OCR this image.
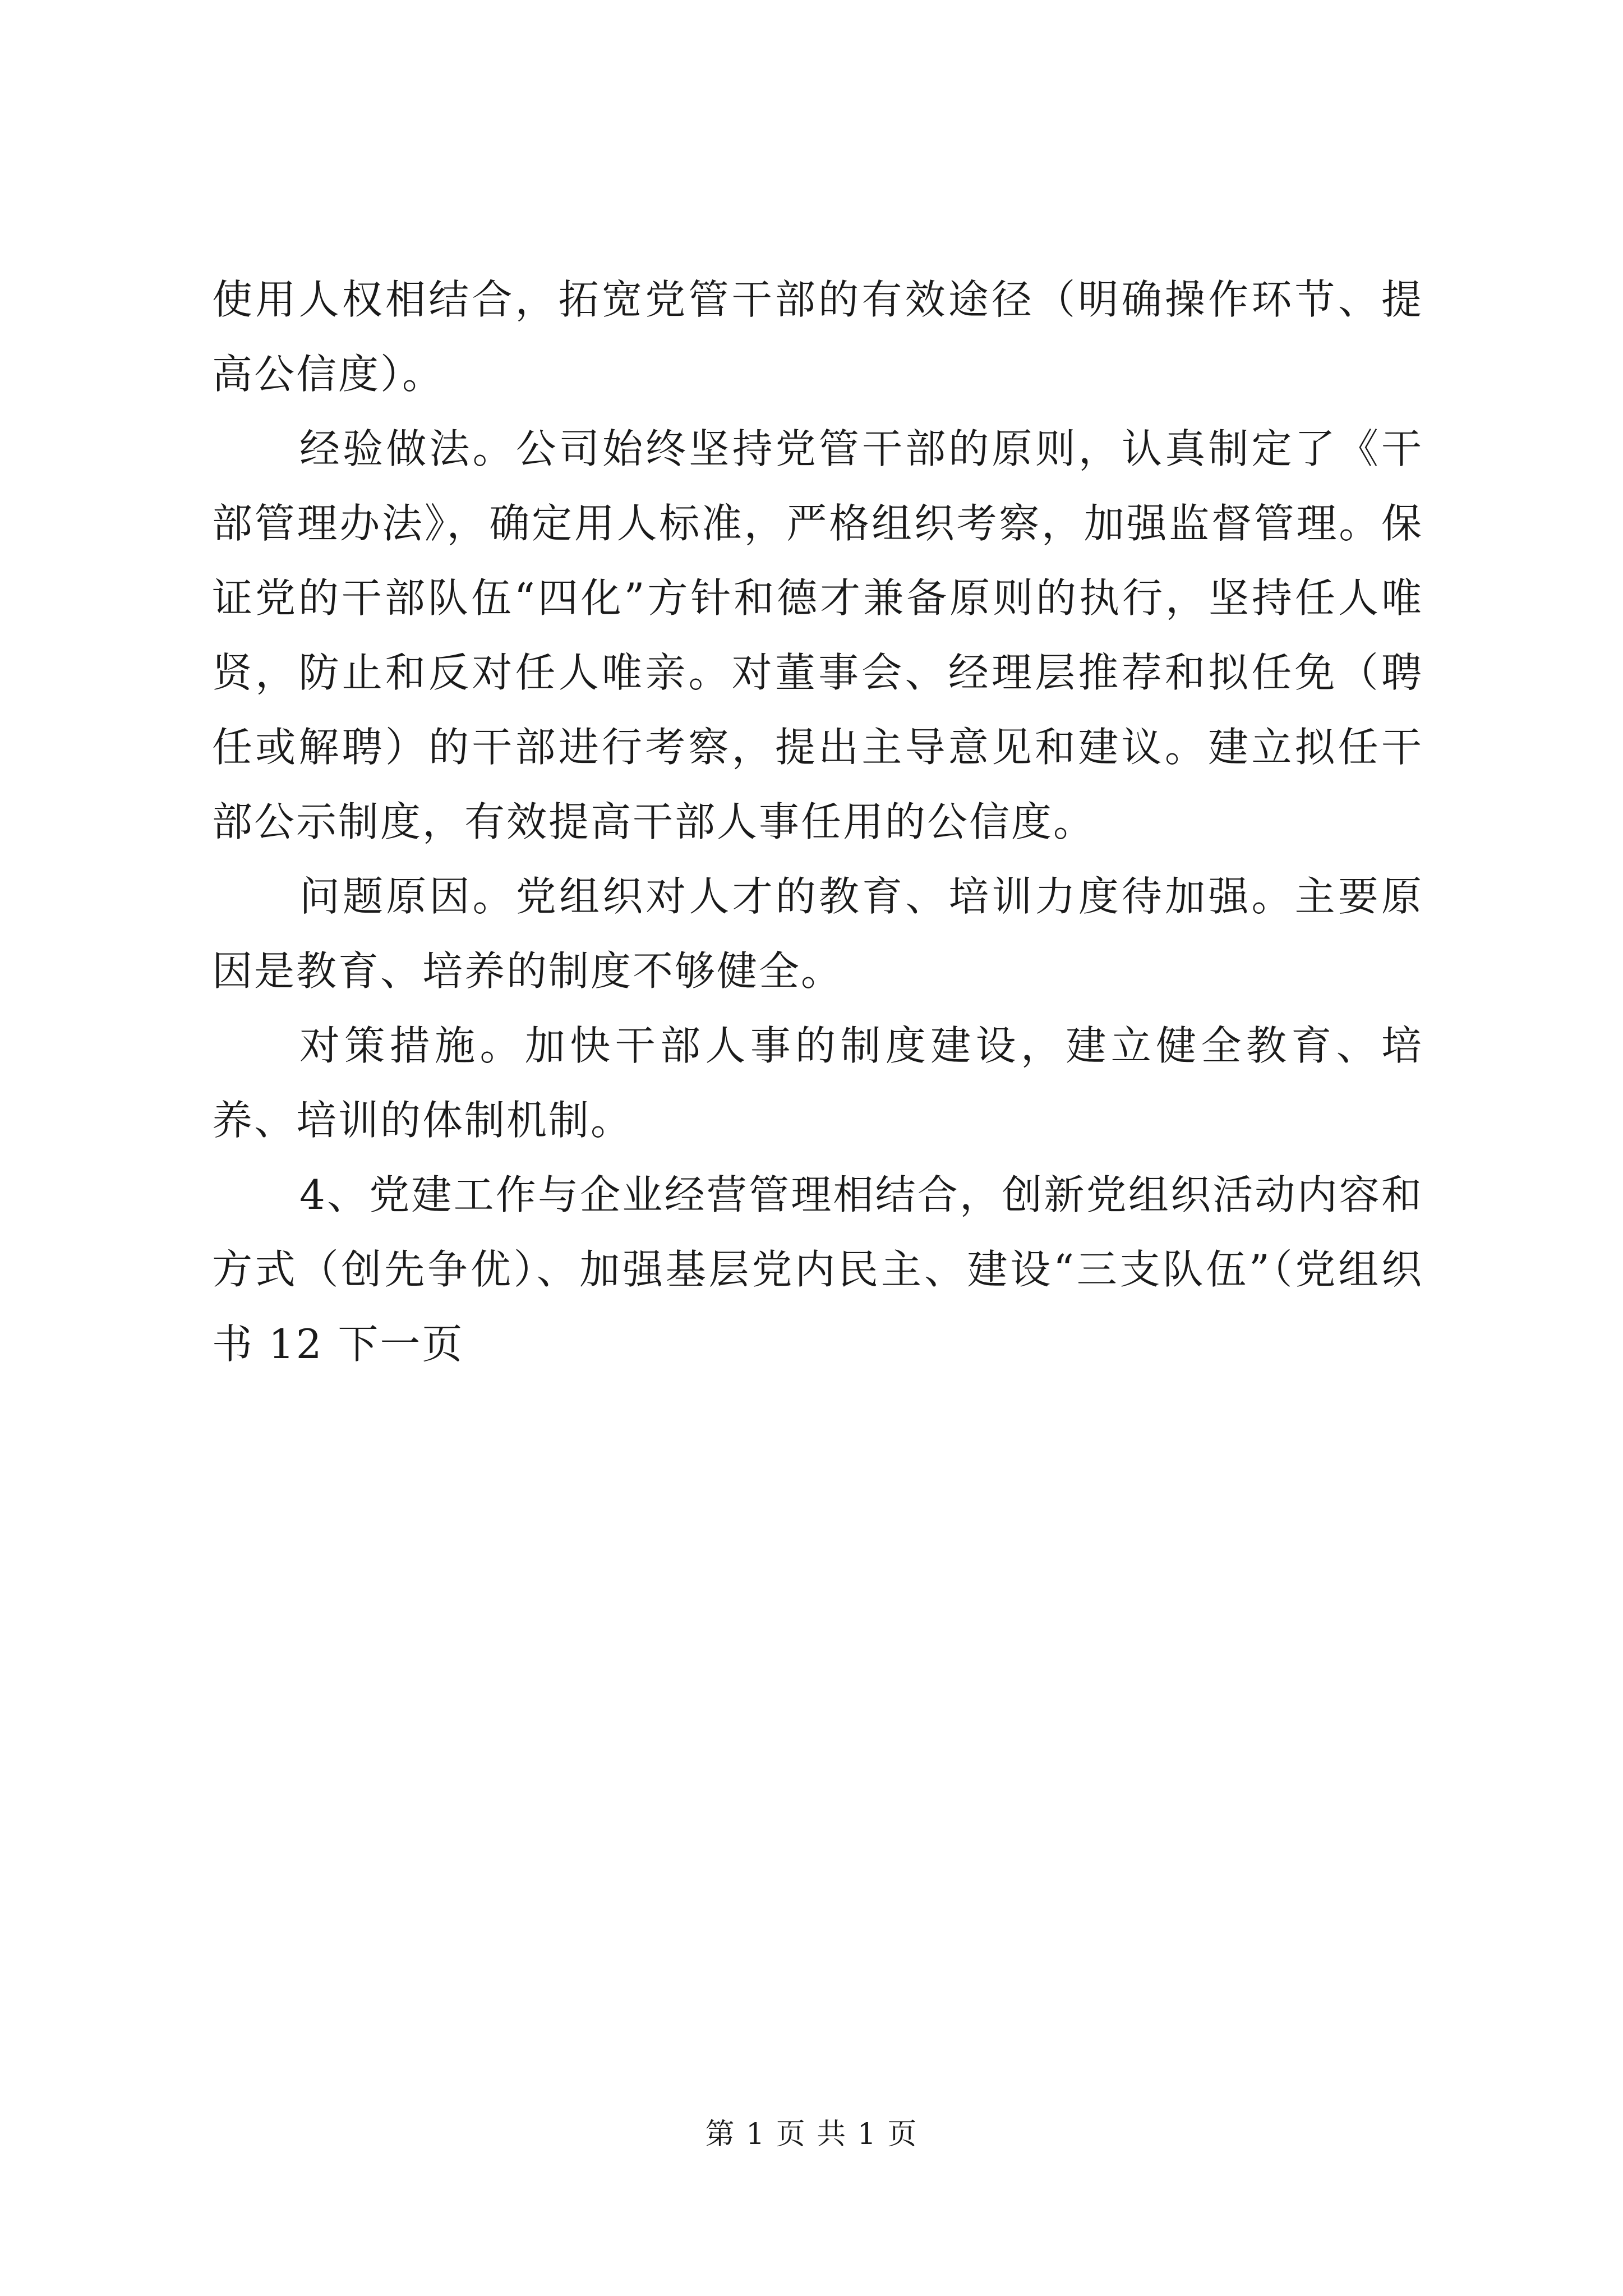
使用人权相结合，拓宽党管干部的有效途径（明确操作环节、提高公信度）。

经验做法。公司始终坚持党管干部的原则，认真制定了《干部管理办法》，确定用人标准，严格组织考察，加强监督管理。保证党的干部队伍“四化”方针和德才兼备原则的执行，坚持任人唯贤，防止和反对任人唯亲。对董事会、经理层推荐和拟任免（聘任或解聘）的干部进行考察，提出主导意见和建议。建立拟任干部公示制度，有效提高干部人事任用的公信度。

问题原因。党组织对人才的教育、培训力度待加强。主要原因是教育、培养的制度不够健全。

对策措施。加快干部人事的制度建设，建立健全教育、培养、培训的体制机制。

4、党建工作与企业经营管理相结合，创新党组织活动内容和方式（创先争优）、加强基层党内民主、建设“三支队伍”（党组织书 12 下一页

第 1 页 共 1 页
